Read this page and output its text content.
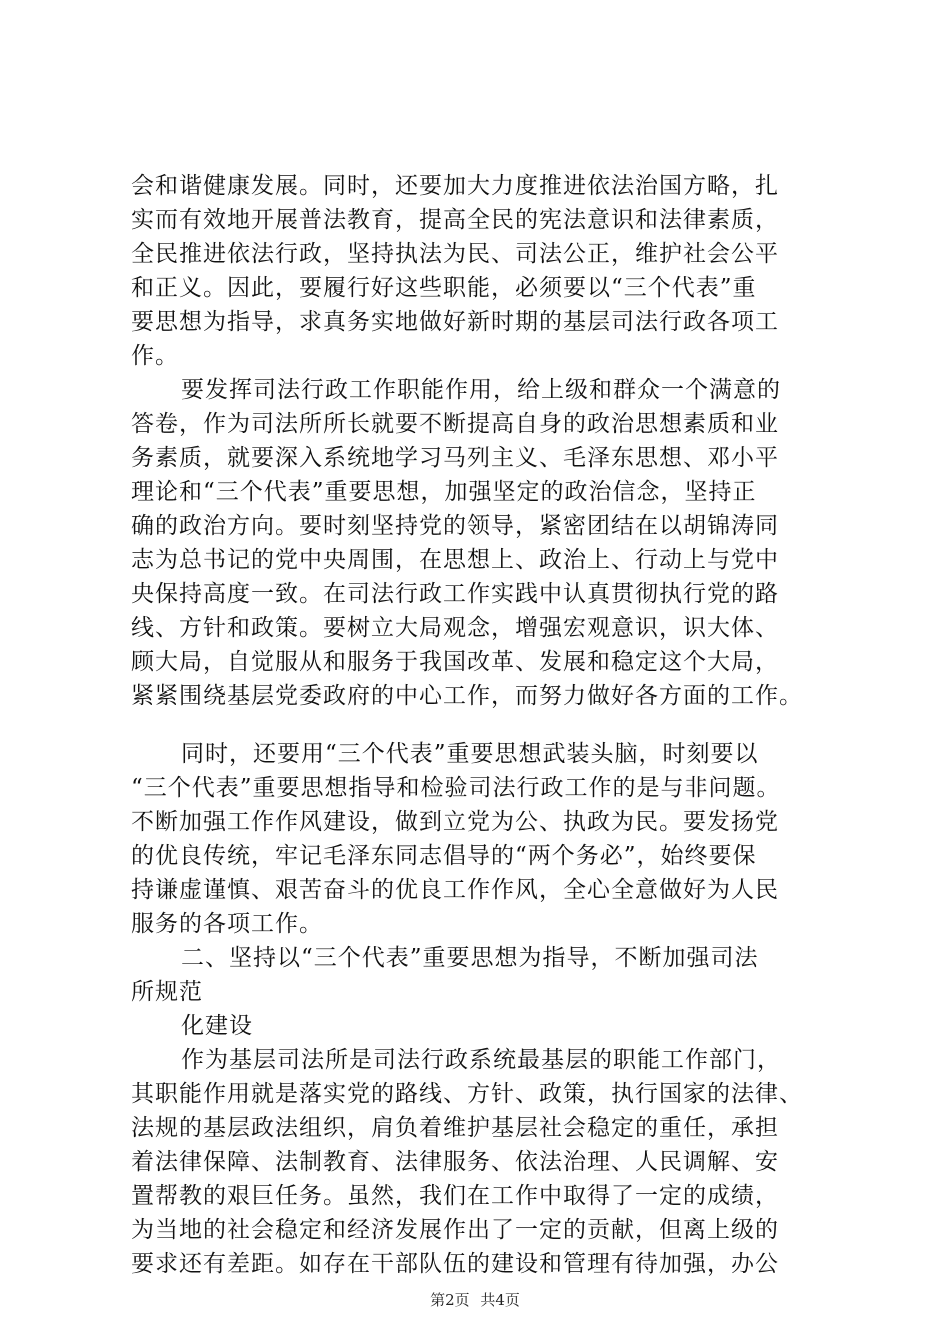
会和谐健康发展。同时，还要加大力度推进依法治国方略，扎
实而有效地开展普法教育，提高全民的宪法意识和法律素质，
全民推进依法行政，坚持执法为民、司法公正，维护社会公平
和正义。因此，要履行好这些职能，必须要以“三个代表”重
要思想为指导，求真务实地做好新时期的基层司法行政各项工
作。
要发挥司法行政工作职能作用，给上级和群众一个满意的
答卷，作为司法所所长就要不断提高自身的政治思想素质和业
务素质，就要深入系统地学习马列主义、毛泽东思想、邓小平
理论和“三个代表”重要思想，加强坚定的政治信念，坚持正
确的政治方向。要时刻坚持党的领导，紧密团结在以胡锦涛同
志为总书记的党中央周围，在思想上、政治上、行动上与党中
央保持高度一致。在司法行政工作实践中认真贯彻执行党的路
线、方针和政策。要树立大局观念，增强宏观意识，识大体、
顾大局，自觉服从和服务于我国改革、发展和稳定这个大局，
紧紧围绕基层党委政府的中心工作，而努力做好各方面的工作。
同时，还要用“三个代表”重要思想武装头脑，时刻要以
“三个代表”重要思想指导和检验司法行政工作的是与非问题。
不断加强工作作风建设，做到立党为公、执政为民。要发扬党
的优良传统，牢记毛泽东同志倡导的“两个务必”，始终要保
持谦虚谨慎、艰苦奋斗的优良工作作风，全心全意做好为人民
服务的各项工作。
二、坚持以“三个代表”重要思想为指导，不断加强司法
所规范
化建设
作为基层司法所是司法行政系统最基层的职能工作部门，
其职能作用就是落实党的路线、方针、政策，执行国家的法律、
法规的基层政法组织，肩负着维护基层社会稳定的重任，承担
着法律保障、法制教育、法律服务、依法治理、人民调解、安
置帮教的艰巨任务。虽然，我们在工作中取得了一定的成绩，
为当地的社会稳定和经济发展作出了一定的贡献，但离上级的
要求还有差距。如存在干部队伍的建设和管理有待加强，办公
第2页 共4页
